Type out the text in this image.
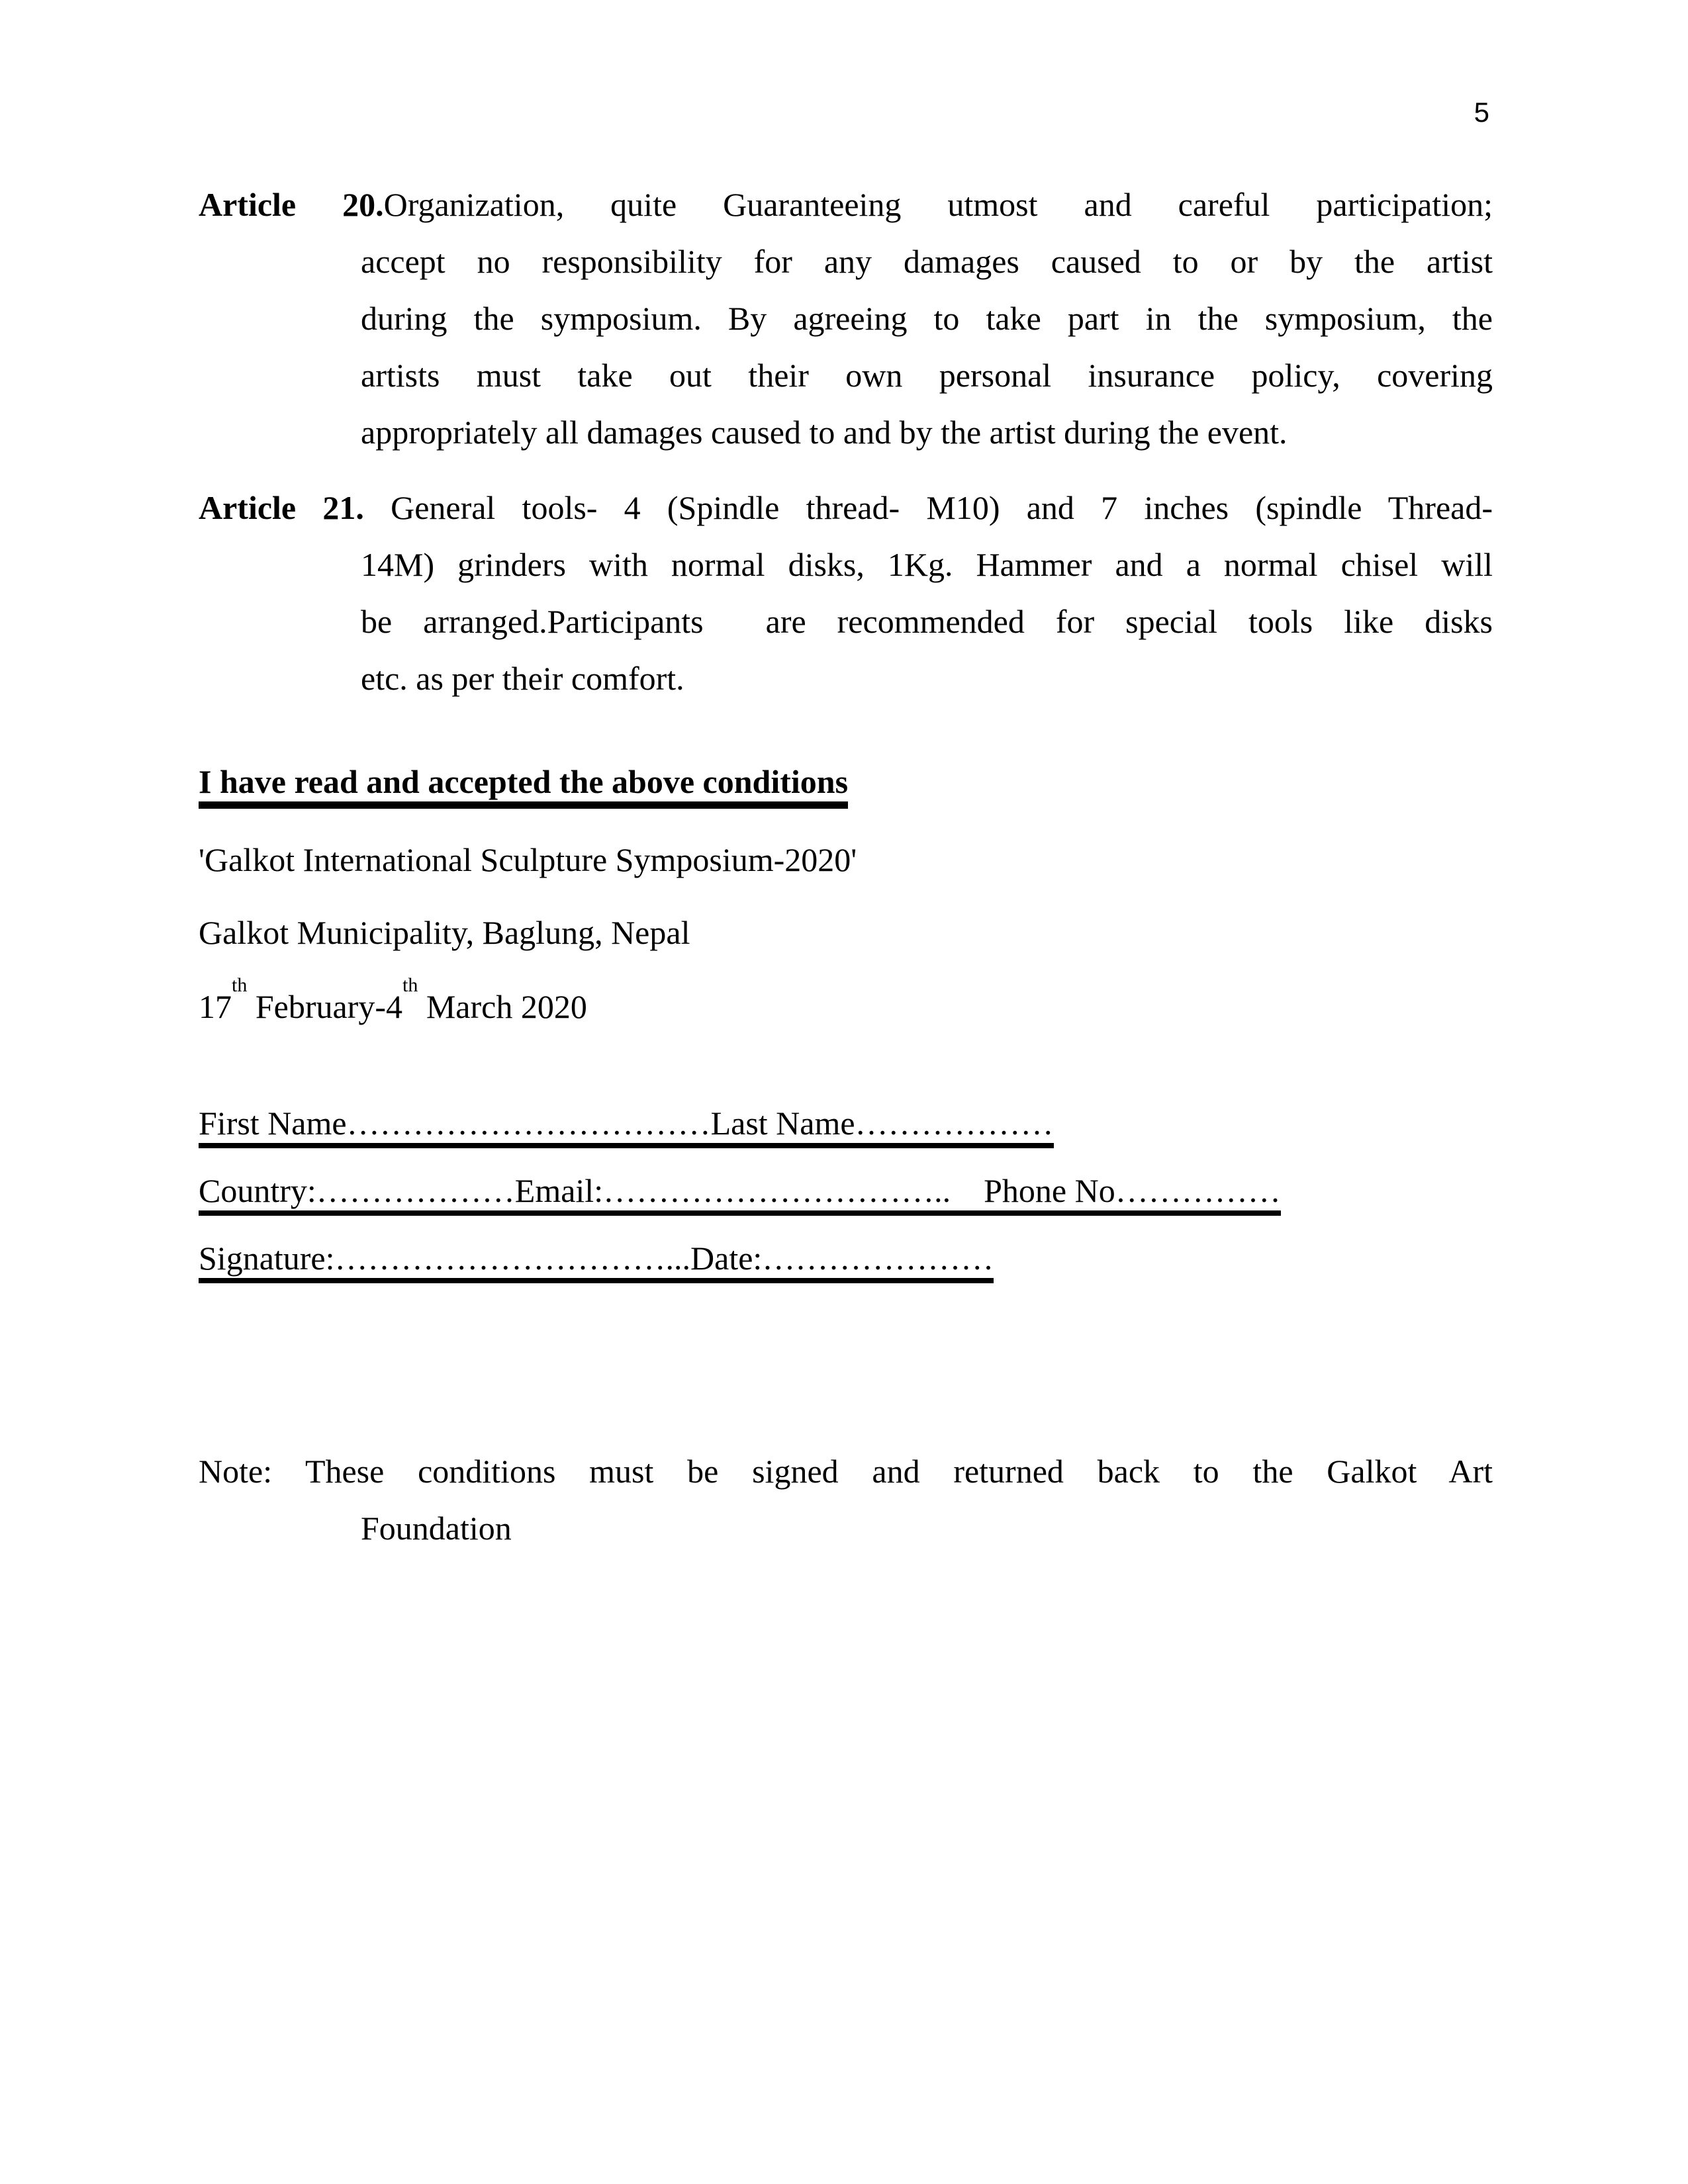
5
Article 20.Organization, quite Guaranteeing utmost and careful participation;
accept no responsibility for any damages caused to or by the artist
during the symposium. By agreeing to take part in the symposium, the
artists must take out their own personal insurance policy, covering
appropriately all damages caused to and by the artist during the event.
Article 21. General tools- 4 (Spindle thread- M10) and 7 inches (spindle Thread-
14M) grinders with normal disks, 1Kg. Hammer and a normal chisel will
be arranged.Participants  are recommended for special tools like disks
etc. as per their comfort.
I have read and accepted the above conditions
'Galkot International Sculpture Symposium-2020'
Galkot Municipality, Baglung, Nepal
17th February-4th March 2020
First Name……………………………Last Name………………
Country:………………Email:…………………………..    Phone No……………
Signature:…………………………...Date:…………………
Note: These conditions must be signed and returned back to the Galkot Art
Foundation
